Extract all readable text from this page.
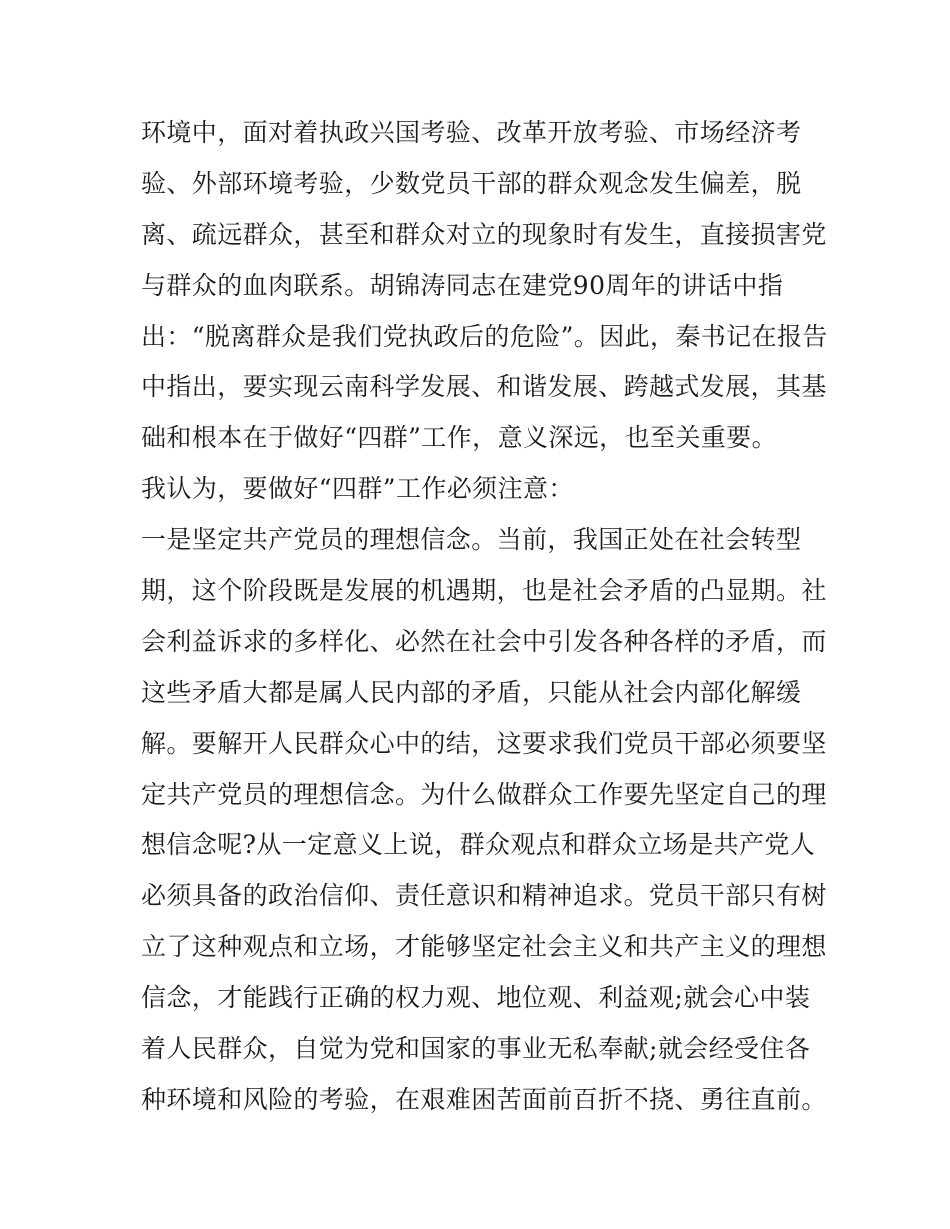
环境中，面对着执政兴国考验、改革开放考验、市场经济考
验、外部环境考验，少数党员干部的群众观念发生偏差，脱
离、疏远群众，甚至和群众对立的现象时有发生，直接损害党
与群众的血肉联系。胡锦涛同志在建党90周年的讲话中指
出：“脱离群众是我们党执政后的危险”。因此，秦书记在报告
中指出，要实现云南科学发展、和谐发展、跨越式发展，其基
础和根本在于做好“四群”工作，意义深远，也至关重要。
我认为，要做好“四群”工作必须注意：
一是坚定共产党员的理想信念。当前，我国正处在社会转型
期，这个阶段既是发展的机遇期，也是社会矛盾的凸显期。社
会利益诉求的多样化、必然在社会中引发各种各样的矛盾，而
这些矛盾大都是属人民内部的矛盾，只能从社会内部化解缓
解。要解开人民群众心中的结，这要求我们党员干部必须要坚
定共产党员的理想信念。为什么做群众工作要先坚定自己的理
想信念呢?从一定意义上说，群众观点和群众立场是共产党人
必须具备的政治信仰、责任意识和精神追求。党员干部只有树
立了这种观点和立场，才能够坚定社会主义和共产主义的理想
信念，才能践行正确的权力观、地位观、利益观;就会心中装
着人民群众，自觉为党和国家的事业无私奉献;就会经受住各
种环境和风险的考验，在艰难困苦面前百折不挠、勇往直前。
